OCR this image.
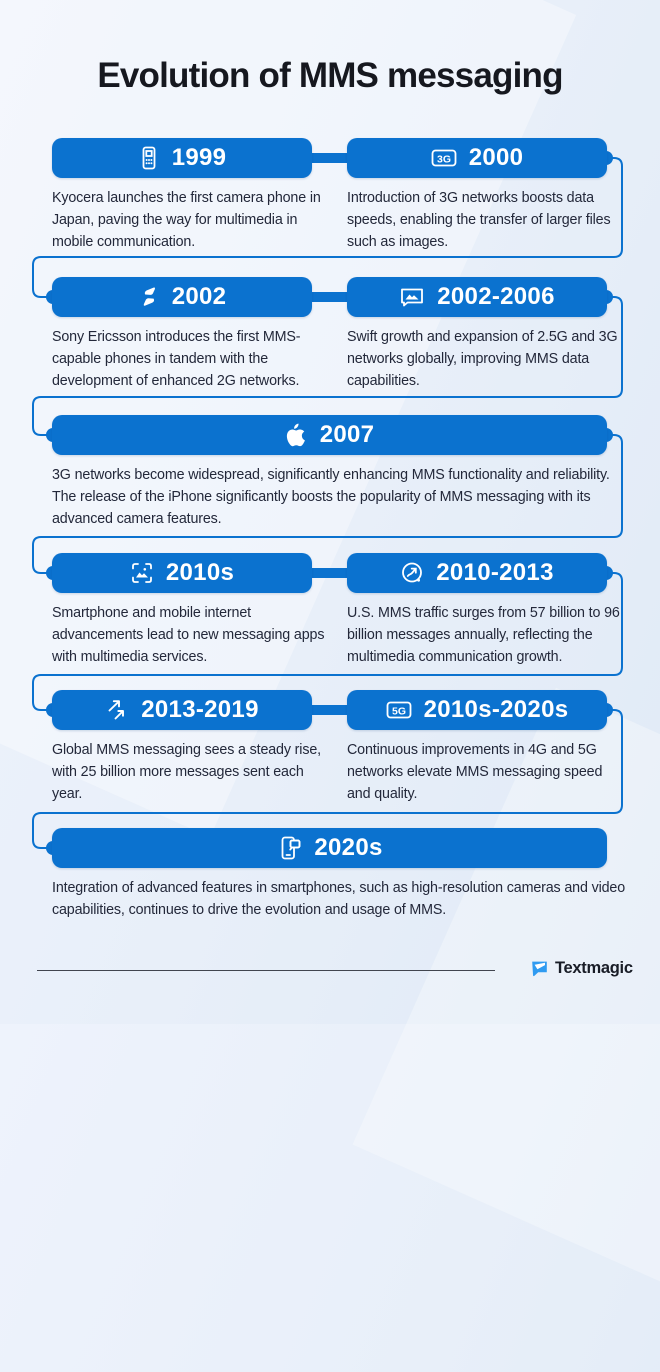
Evolution of MMS messaging
1999

Kyocera launches the first camera phone in Japan, paving the way for multimedia in mobile communication.

3G 2000

Introduction of 3G networks boosts data speeds, enabling the transfer of larger files such as images.

2002

Sony Ericsson introduces the first MMS-capable phones in tandem with the development of enhanced 2G networks.

2002-2006

Swift growth and expansion of 2.5G and 3G networks globally, improving MMS data capabilities.

2007

3G networks become widespread, significantly enhancing MMS functionality and reliability. The release of the iPhone significantly boosts the popularity of MMS messaging with its advanced camera features.

2010s

Smartphone and mobile internet advancements lead to new messaging apps with multimedia services.

2010-2013

U.S. MMS traffic surges from 57 billion to 96 billion messages annually, reflecting the multimedia communication growth.

2013-2019

Global MMS messaging sees a steady rise, with 25 billion more messages sent each year.

5G 2010s-2020s

Continuous improvements in 4G and 5G networks elevate MMS messaging speed and quality.

2020s

Integration of advanced features in smartphones, such as high-resolution cameras and video capabilities, continues to drive the evolution and usage of MMS.

Textmagic
